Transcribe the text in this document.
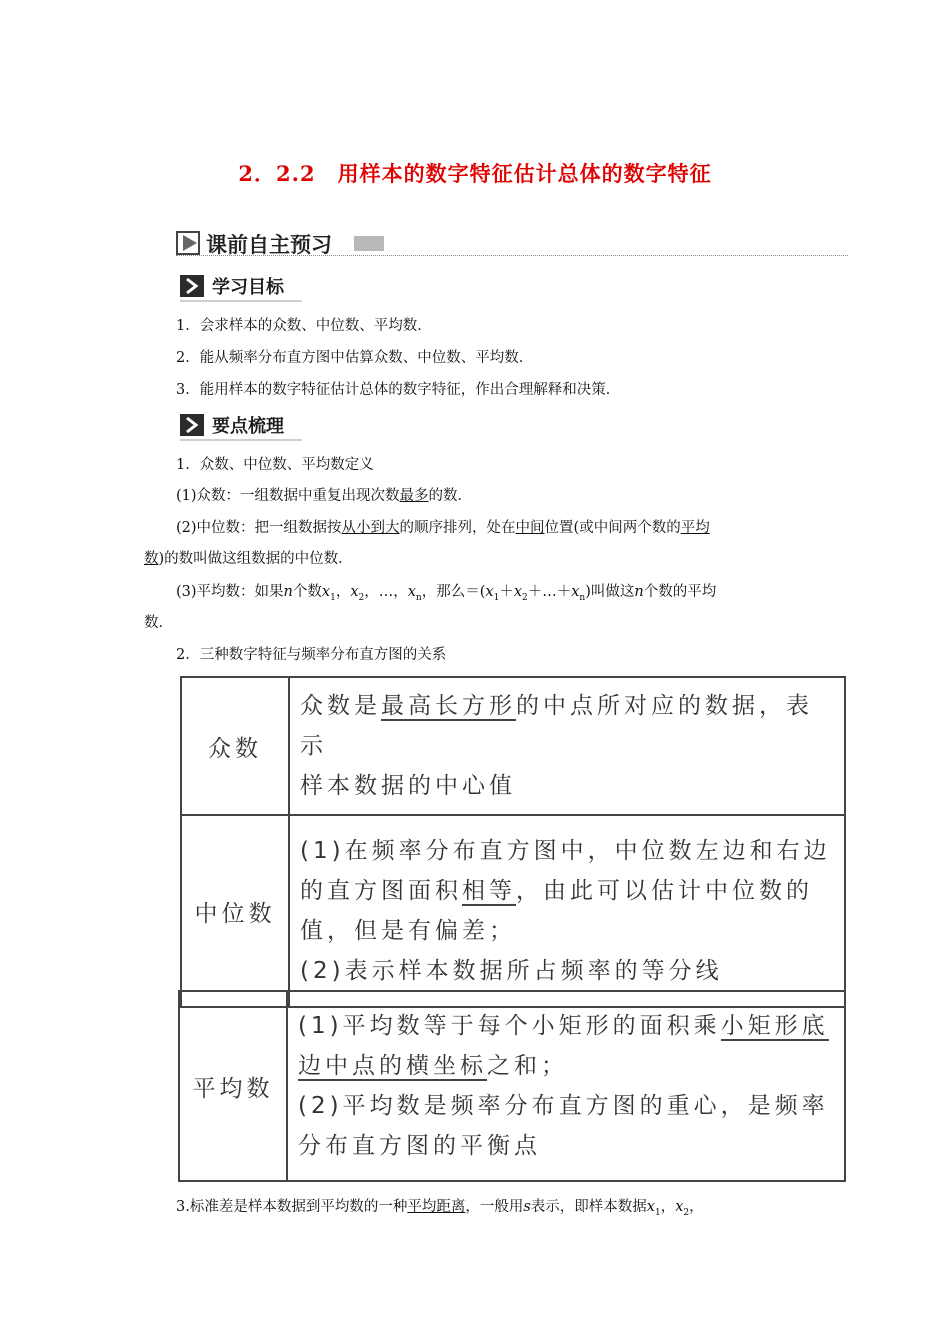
2．2.2　用样本的数字特征估计总体的数字特征
课前自主预习
学习目标
1．会求样本的众数、中位数、平均数．
2．能从频率分布直方图中估算众数、中位数、平均数．
3．能用样本的数字特征估计总体的数字特征，作出合理解释和决策．
要点梳理
1．众数、中位数、平均数定义
(1)众数：一组数据中重复出现次数最多的数．
(2)中位数：把一组数据按从小到大的顺序排列，处在中间位置(或中间两个数的平均
数)的数叫做这组数据的中位数．
(3)平均数：如果n个数$x_1$，$x_2$，…，$x_n$，那么$=(x_1+x_2+\dots+x_n)$叫做这n个数的平均
数．
2．三种数字特征与频率分布直方图的关系
众数	众数是最高长方形的中点所对应的数据，表示
样本数据的中心值
中位数	(1)在频率分布直方图中，中位数左边和右边
的直方图面积相等，由此可以估计中位数的
值，但是有偏差；
(2)表示样本数据所占频率的等分线
平均数	(1)平均数等于每个小矩形的面积乘小矩形底
边中点的横坐标之和；
(2)平均数是频率分布直方图的重心，是频率
分布直方图的平衡点
3.标准差是样本数据到平均数的一种平均距离，一般用s表示，即样本数据$x_1$，$x_2$，
